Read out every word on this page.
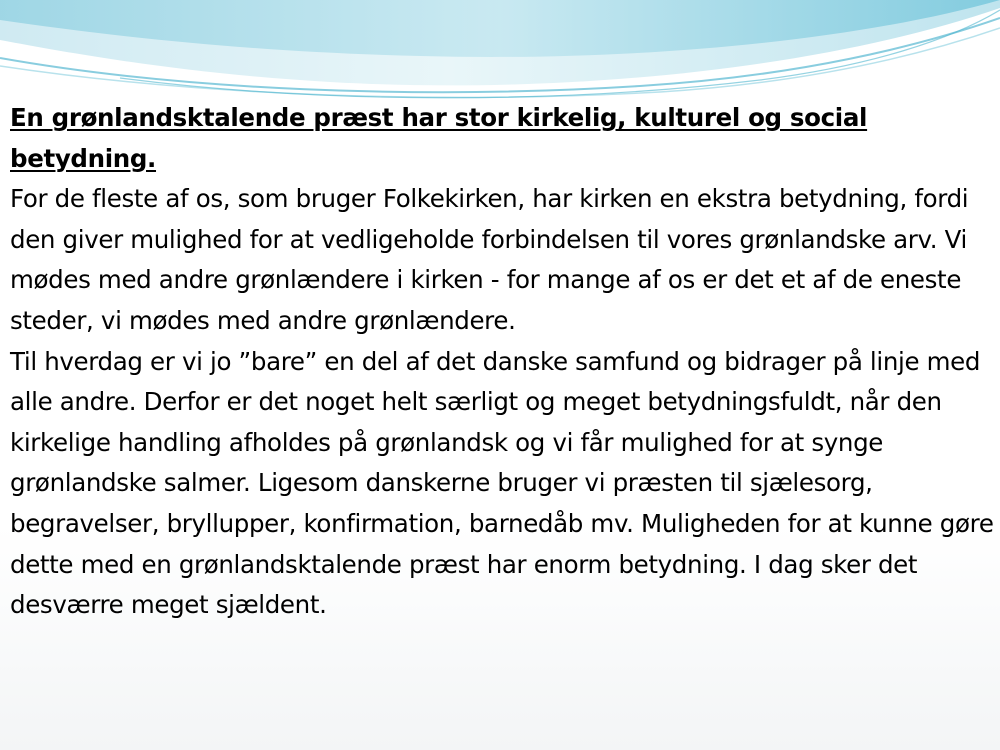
En grønlandsktalende præst har stor kirkelig, kulturel og social betydning.

For de fleste af os, som bruger Folkekirken, har kirken en ekstra betydning, fordi den giver mulighed for at vedligeholde forbindelsen til vores grønlandske arv. Vi mødes med andre grønlændere i kirken - for mange af os er det et af de eneste steder, vi mødes med andre grønlændere.

Til hverdag er vi jo ”bare” en del af det danske samfund og bidrager på linje med alle andre. Derfor er det noget helt særligt og meget betydningsfuldt, når den kirkelige handling afholdes på grønlandsk og vi får mulighed for at synge grønlandske salmer. Ligesom danskerne bruger vi præsten til sjælesorg, begravelser, bryllupper, konfirmation, barnedåb mv. Muligheden for at kunne gøre dette med en grønlandsktalende præst har enorm betydning. I dag sker det desværre meget sjældent.
